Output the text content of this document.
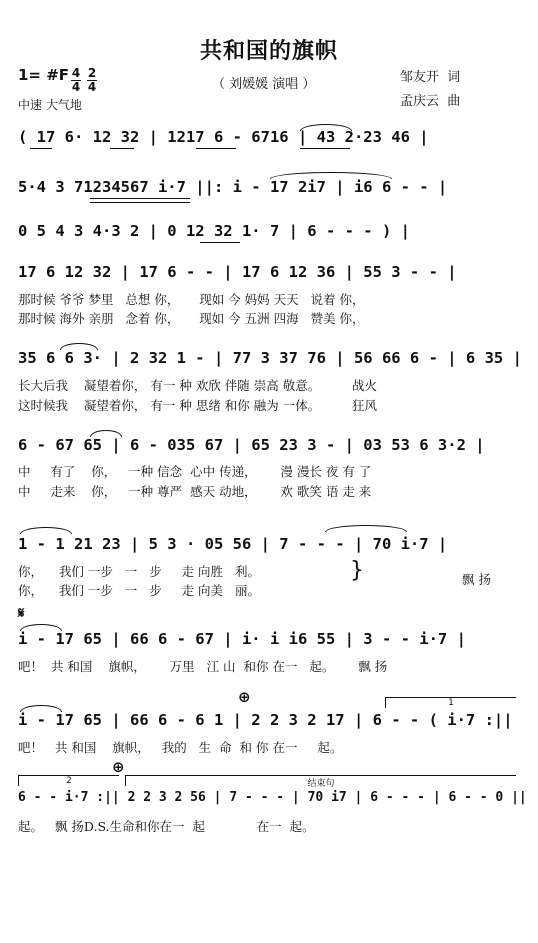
共和国的旗帜
（ 刘媛媛 演唱 ）	邹友开  词
孟庆云  曲
1= #F 4
4
2
4
中速 大气地
( 17 6· 12 32 | 1217 6 - 6716 | 43 2·23 46 |
5·4 3 71234567 i·7 ||: i - 17 2i7 | i6 6 - - |
0 5 4 3 4·3 2 | 0 12 32 1· 7 | 6 - - - ) |
17 6 12 32 | 17 6 - - | 17 6 12 36 | 55 3 - - |
那时候 爷爷 梦里   总想 你，     现如 今 妈妈 天天   说着 你，
那时候 海外 亲朋   念着 你，     现如 今 五洲 四海   赞美 你，
35 6 6 3· | 2 32 1 - | 77 3 37 76 | 56 66 6 - | 6 35 |
长大后我    凝望着你， 有一 种 欢欣 伴随 崇高 敬意。        战火
这时候我    凝望着你， 有一 种 思绪 和你 融为 一体。        狂风
6 - 67 65 | 6 - 035 67 | 65 23 3 - | 03 53 6 3·2 |
中     有了    你，   一种 信念  心中 传递，      漫 漫长 夜 有 了
中     走来    你，   一种 尊严  感天 动地，      欢 歌笑 语 走 来
1 - 1 21 23 | 5 3 · 05 56 | 7 - - - | 70 i·7 |
你，    我们 一步   一   步     走 向胜   利。
你，    我们 一步   一   步     走 向美   丽。
}	飘 扬
𝄋
i - 17 65 | 66 6 - 67 | i· i i6 55 | 3 - - i·7 |
吧！  共 和国    旗帜，      万里   江 山  和你 在一   起。      飘 扬
⊕	1
i - 17 65 | 66 6 - 6 1 | 2 2 3 2 17 | 6 - - ( i·7 :||
吧！   共 和国    旗帜，   我的   生  命  和 你 在一     起。
2
⊕
结束句
6 - - i·7 :|| 2 2 3 2 56 | 7 - - - | 70 i7 | 6 - - - | 6 - - 0 ||
起。   飘 扬D.S.生命和你在一  起             在一  起。
